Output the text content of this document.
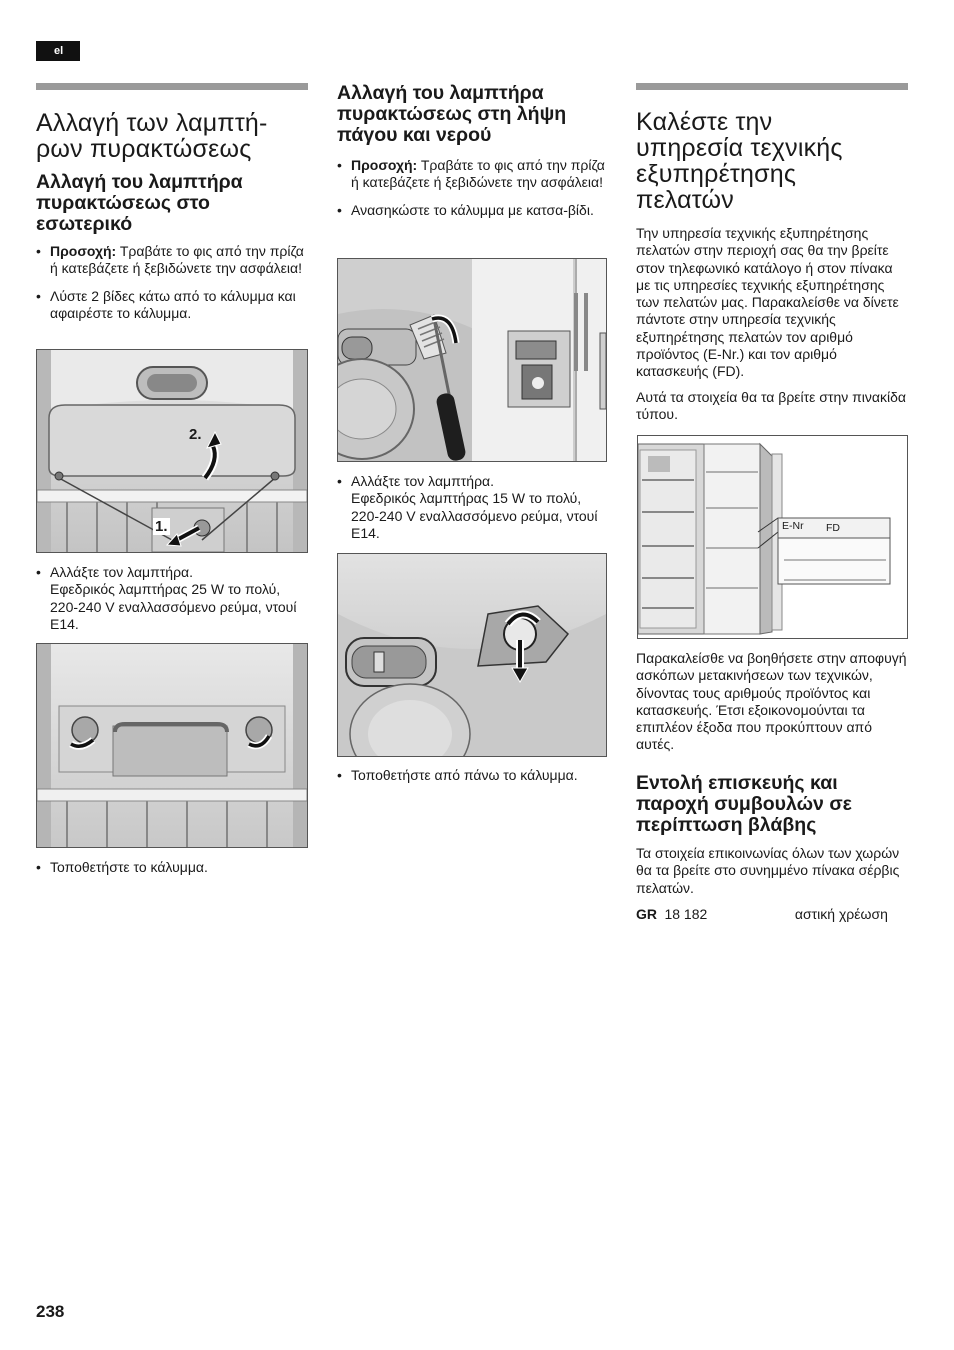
el
Αλλαγή των λαμπτή-
ρων πυρακτώσεως
Αλλαγή του λαμπτήρα
πυρακτώσεως στο
εσωτερικό
• Προσοχή: Τραβάτε το φις από την πρίζα ή κατεβάζετε ή ξεβιδώνετε την ασφάλεια!
• Λύστε 2 βίδες κάτω από το κάλυμμα και αφαιρέστε το κάλυμμα.
2.
1.
• Αλλάξτε τον λαμπτήρα.
Εφεδρικός λαμπτήρας 25 W το πολύ, 220-240 V εναλλασσόμενο ρεύμα, ντουί E14.
• Τοποθετήστε το κάλυμμα.
Αλλαγή του λαμπτήρα
πυρακτώσεως στη λήψη
πάγου και νερού
• Προσοχή: Τραβάτε το φις από την πρίζα ή κατεβάζετε ή ξεβιδώνετε την ασφάλεια!
• Ανασηκώστε το κάλυμμα με κατσα-βίδι.
• Αλλάξτε τον λαμπτήρα.
Εφεδρικός λαμπτήρας 15 W το πολύ, 220-240 V εναλλασσόμενο ρεύμα, ντουί E14.
• Τοποθετήστε από πάνω το κάλυμμα.
Καλέστε την
υπηρεσία τεχνικής
εξυπηρέτησης
πελατών

Την υπηρεσία τεχνικής εξυπηρέτησης πελατών στην περιοχή σας θα την βρείτε στον τηλεφωνικό κατάλογο ή στον πίνακα με τις υπηρεσίες τεχνικής εξυπηρέτησης των πελατών μας. Παρακαλείσθε να δίνετε πάντοτε στην υπηρεσία τεχνικής εξυπηρέτησης πελατών τον αριθμό προϊόντος (E-Nr.) και τον αριθμό κατασκευής (FD).

Αυτά τα στοιχεία θα τα βρείτε στην πινακίδα τύπου.

E-Nr FD

Παρακαλείσθε να βοηθήσετε στην αποφυγή ασκόπων μετακινήσεων των τεχνικών, δίνοντας τους αριθμούς προϊόντος και κατασκευής. Έτσι εξοικονομούνται τα επιπλέον έξοδα που προκύπτουν από αυτές.

Εντολή επισκευής και
παροχή συμβουλών σε
περίπτωση βλάβης

Τα στοιχεία επικοινωνίας όλων των χωρών θα τα βρείτε στο συνημμένο πίνακα σέρβις πελατών.

GR 18 182	αστική χρέωση
238
